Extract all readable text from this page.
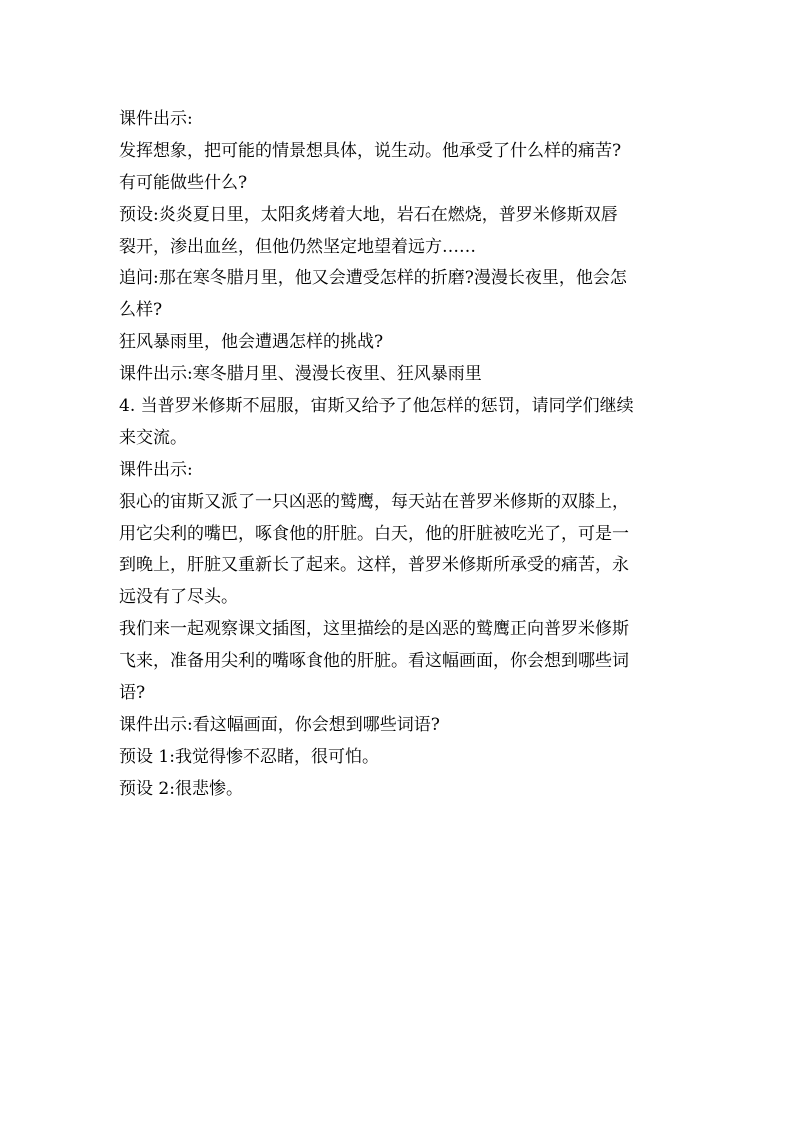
课件出示:
发挥想象，把可能的情景想具体，说生动。他承受了什么样的痛苦?
有可能做些什么?
预设:炎炎夏日里，太阳炙烤着大地，岩石在燃烧，普罗米修斯双唇
裂开，渗出血丝，但他仍然坚定地望着远方……
追问:那在寒冬腊月里，他又会遭受怎样的折磨?漫漫长夜里，他会怎
么样?
狂风暴雨里，他会遭遇怎样的挑战?
课件出示:寒冬腊月里、漫漫长夜里、狂风暴雨里
4. 当普罗米修斯不屈服，宙斯又给予了他怎样的惩罚，请同学们继续
来交流。
课件出示:
狠心的宙斯又派了一只凶恶的鹫鹰，每天站在普罗米修斯的双膝上，
用它尖利的嘴巴，啄食他的肝脏。白天，他的肝脏被吃光了，可是一
到晚上，肝脏又重新长了起来。这样，普罗米修斯所承受的痛苦，永
远没有了尽头。
我们来一起观察课文插图，这里描绘的是凶恶的鹫鹰正向普罗米修斯
飞来，准备用尖利的嘴啄食他的肝脏。看这幅画面，你会想到哪些词
语?
课件出示:看这幅画面，你会想到哪些词语?
预设 1:我觉得惨不忍睹，很可怕。
预设 2:很悲惨。
